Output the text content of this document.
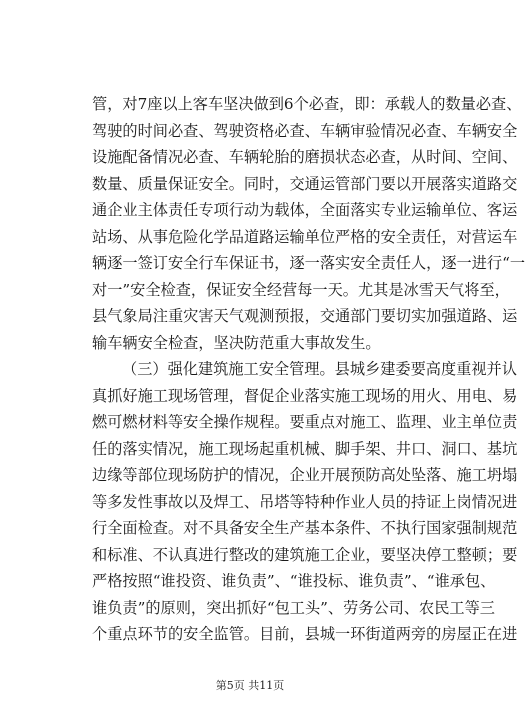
管，对7座以上客车坚决做到6个必查，即：承载人的数量必查、
驾驶的时间必查、驾驶资格必查、车辆审验情况必查、车辆安全
设施配备情况必查、车辆轮胎的磨损状态必查，从时间、空间、
数量、质量保证安全。同时，交通运管部门要以开展落实道路交
通企业主体责任专项行动为载体，全面落实专业运输单位、客运
站场、从事危险化学品道路运输单位严格的安全责任，对营运车
辆逐一签订安全行车保证书，逐一落实安全责任人，逐一进行“一
对一”安全检查，保证安全经营每一天。尤其是冰雪天气将至，
县气象局注重灾害天气观测预报，交通部门要切实加强道路、运
输车辆安全检查，坚决防范重大事故发生。
（三）强化建筑施工安全管理。县城乡建委要高度重视并认
真抓好施工现场管理，督促企业落实施工现场的用火、用电、易
燃可燃材料等安全操作规程。要重点对施工、监理、业主单位责
任的落实情况，施工现场起重机械、脚手架、井口、洞口、基坑
边缘等部位现场防护的情况，企业开展预防高处坠落、施工坍塌
等多发性事故以及焊工、吊塔等特种作业人员的持证上岗情况进
行全面检查。对不具备安全生产基本条件、不执行国家强制规范
和标准、不认真进行整改的建筑施工企业，要坚决停工整顿；要
严格按照“谁投资、谁负责”、“谁投标、谁负责”、“谁承包、
谁负责”的原则，突出抓好“包工头”、劳务公司、农民工等三
个重点环节的安全监管。目前，县城一环街道两旁的房屋正在进
第5页 共11页
